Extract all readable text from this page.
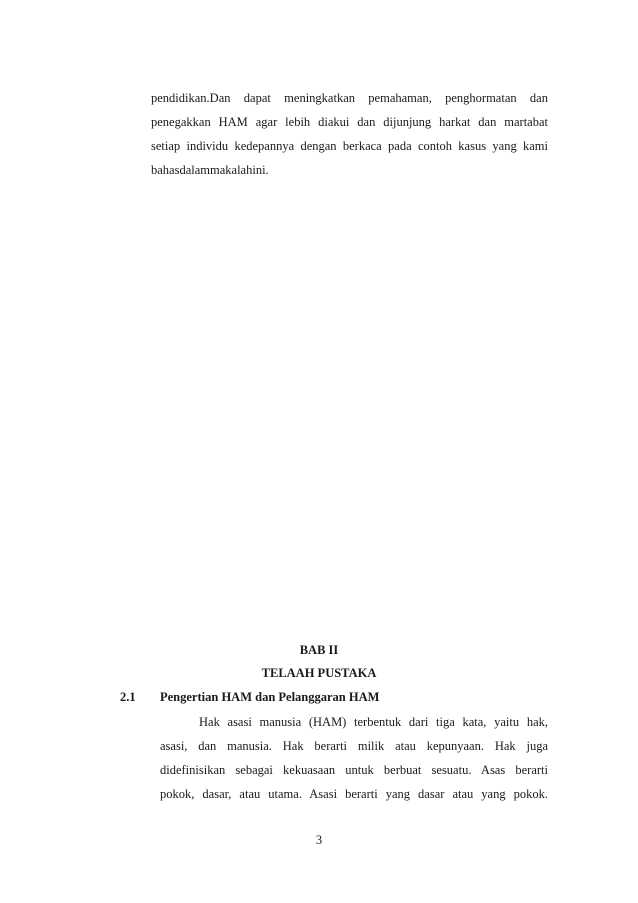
pendidikan.Dan dapat meningkatkan pemahaman, penghormatan dan
penegakkan HAM agar lebih diakui dan dijunjung harkat dan martabat
setiap individu kedepannya dengan berkaca pada contoh kasus yang kami
bahasdalammakalahini.
BAB II
TELAAH PUSTAKA
2.1 Pengertian HAM dan Pelanggaran HAM
Hak asasi manusia (HAM) terbentuk dari tiga kata, yaitu hak,
asasi, dan manusia. Hak berarti milik atau kepunyaan. Hak juga
didefinisikan sebagai kekuasaan untuk berbuat sesuatu. Asas berarti
pokok, dasar, atau utama. Asasi berarti yang dasar atau yang pokok.
3
